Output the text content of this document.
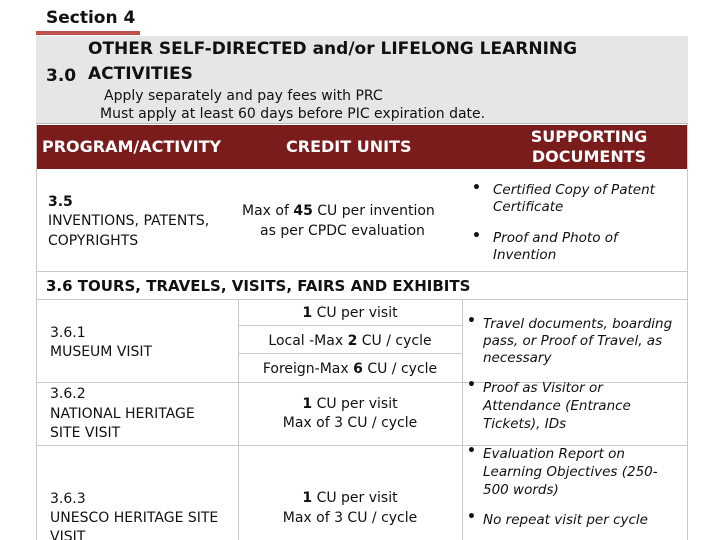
Section 4
OTHER SELF-DIRECTED and/or LIFELONG LEARNING
3.0 ACTIVITIES
Apply separately and pay fees with PRC
Must apply at least 60 days before PIC expiration date.
PROGRAM/ACTIVITY	CREDIT UNITS
SUPPORTING
DOCUMENTS
3.5
INVENTIONS, PATENTS,
COPYRIGHTS
Max of 45 CU per invention
as per CPDC evaluation
• Certified Copy of Patent
Certificate
• Proof and Photo of
Invention
3.6 TOURS, TRAVELS, VISITS, FAIRS AND EXHIBITS
3.6.1
MUSEUM VISIT
1 CU per visit
Local -Max 2 CU / cycle
Foreign-Max 6 CU / cycle
• Travel documents, boarding
pass, or Proof of Travel, as
necessary
3.6.2
NATIONAL HERITAGE
SITE VISIT
1 CU per visit
Max of 3 CU / cycle
• Proof as Visitor or
Attendance (Entrance
Tickets), IDs
3.6.3
UNESCO HERITAGE SITE
VISIT
1 CU per visit
Max of 3 CU / cycle
• Evaluation Report on
Learning Objectives (250-
500 words)
• No repeat visit per cycle
